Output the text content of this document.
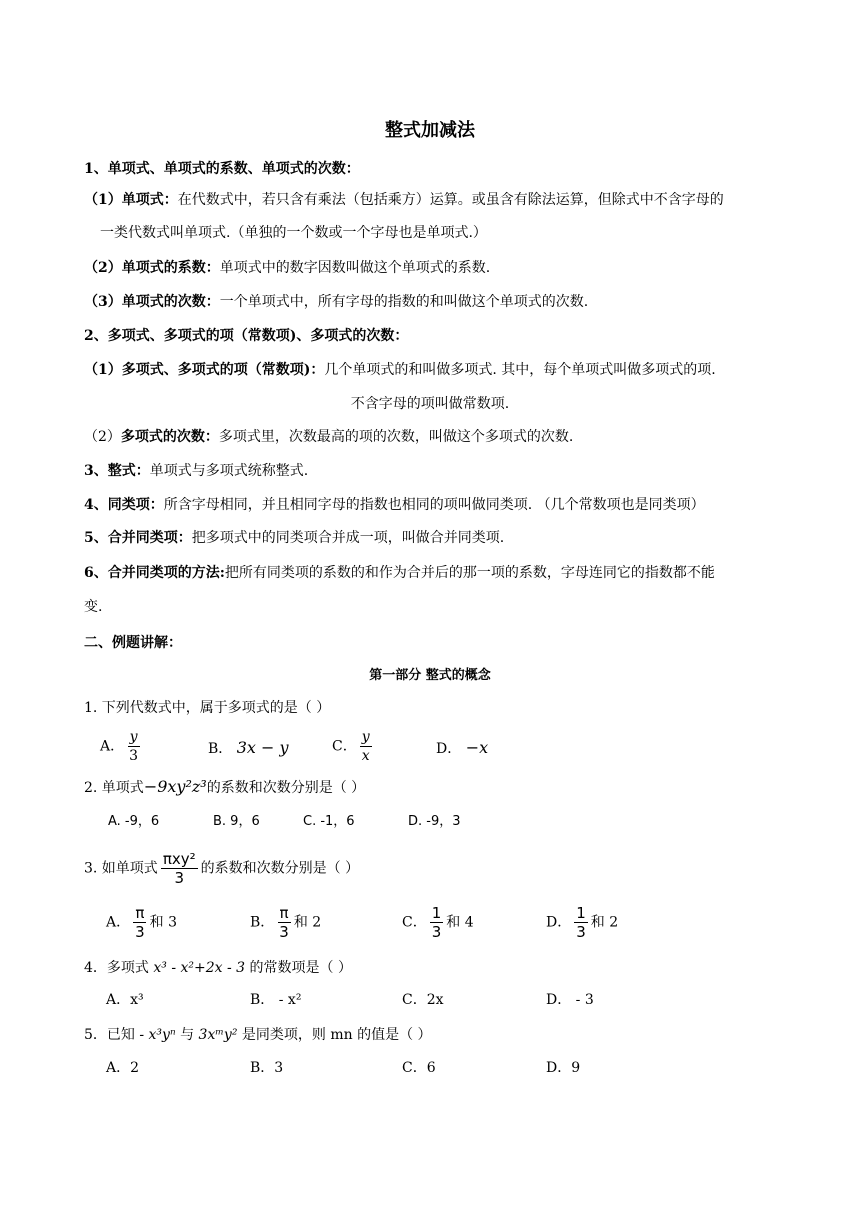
整式加减法
1、单项式、单项式的系数、单项式的次数：
（1）单项式：在代数式中，若只含有乘法（包括乘方）运算。或虽含有除法运算，但除式中不含字母的
一类代数式叫单项式.（单独的一个数或一个字母也是单项式.）
（2）单项式的系数：单项式中的数字因数叫做这个单项式的系数.
（3）单项式的次数：一个单项式中，所有字母的指数的和叫做这个单项式的次数.
2、多项式、多项式的项（常数项)、多项式的次数：
（1）多项式、多项式的项（常数项)：几个单项式的和叫做多项式. 其中，每个单项式叫做多项式的项.
不含字母的项叫做常数项.
（2）多项式的次数：多项式里，次数最高的项的次数，叫做这个多项式的次数.
3、整式：单项式与多项式统称整式.
4、同类项：所含字母相同，并且相同字母的指数也相同的项叫做同类项. （几个常数项也是同类项）
5、合并同类项：把多项式中的同类项合并成一项，叫做合并同类项.
6、合并同类项的方法:把所有同类项的系数的和作为合并后的那一项的系数，字母连同它的指数都不能
变.
二、例题讲解：
第一部分 整式的概念
1. 下列代数式中，属于多项式的是（ ）
A． $\frac{y}{3}$	B． 3x − y	C． $\frac{y}{x}$	D． −x
2. 单项式−9xy²z³的系数和次数分别是（ ）
A. -9，6	B. 9，6	C. -1，6	D. -9，3
3. 如单项式 $\frac{\text{πxy²}}{3}$ 的系数和次数分别是（ ）
A． $\frac{\pi}{3}$ 和 3	B． $\frac{\pi}{3}$ 和 2	C． $\frac{1}{3}$ 和 4	D． $\frac{1}{3}$ 和 2
4．多项式 x³ - x²+2x - 3 的常数项是（ ）
A．x³	B． - x²	C．2x	D． - 3
5．已知 - x³yⁿ 与 3xᵐy² 是同类项，则 mn 的值是（ ）
A．2	B．3	C．6	D．9
